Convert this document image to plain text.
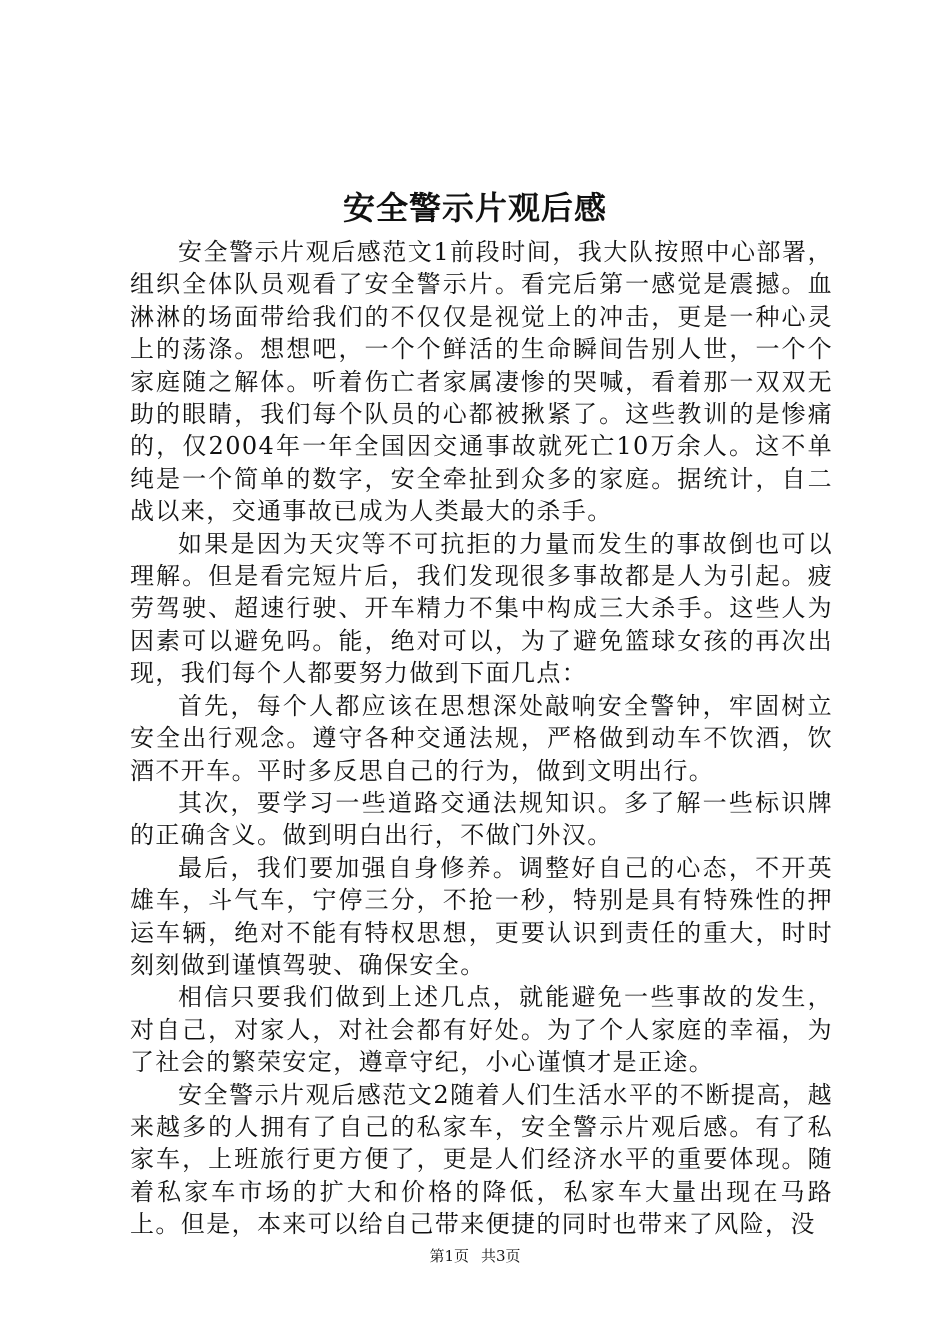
安全警示片观后感

安全警示片观后感范文1前段时间，我大队按照中心部署，组织全体队员观看了安全警示片。看完后第一感觉是震撼。血淋淋的场面带给我们的不仅仅是视觉上的冲击，更是一种心灵上的荡涤。想想吧，一个个鲜活的生命瞬间告别人世，一个个家庭随之解体。听着伤亡者家属凄惨的哭喊，看着那一双双无助的眼睛，我们每个队员的心都被揪紧了。这些教训的是惨痛的，仅2004年一年全国因交通事故就死亡10万余人。这不单纯是一个简单的数字，安全牵扯到众多的家庭。据统计，自二战以来，交通事故已成为人类最大的杀手。

如果是因为天灾等不可抗拒的力量而发生的事故倒也可以理解。但是看完短片后，我们发现很多事故都是人为引起。疲劳驾驶、超速行驶、开车精力不集中构成三大杀手。这些人为因素可以避免吗。能，绝对可以，为了避免篮球女孩的再次出现，我们每个人都要努力做到下面几点：

首先，每个人都应该在思想深处敲响安全警钟，牢固树立安全出行观念。遵守各种交通法规，严格做到动车不饮酒，饮酒不开车。平时多反思自己的行为，做到文明出行。

其次，要学习一些道路交通法规知识。多了解一些标识牌的正确含义。做到明白出行，不做门外汉。

最后，我们要加强自身修养。调整好自己的心态，不开英雄车，斗气车，宁停三分，不抢一秒，特别是具有特殊性的押运车辆，绝对不能有特权思想，更要认识到责任的重大，时时刻刻做到谨慎驾驶、确保安全。

相信只要我们做到上述几点，就能避免一些事故的发生，对自己，对家人，对社会都有好处。为了个人家庭的幸福，为了社会的繁荣安定，遵章守纪，小心谨慎才是正途。

安全警示片观后感范文2随着人们生活水平的不断提高，越来越多的人拥有了自己的私家车，安全警示片观后感。有了私家车，上班旅行更方便了，更是人们经济水平的重要体现。随着私家车市场的扩大和价格的降低，私家车大量出现在马路上。但是，本来可以给自己带来便捷的同时也带来了风险，没

第1页 共3页
